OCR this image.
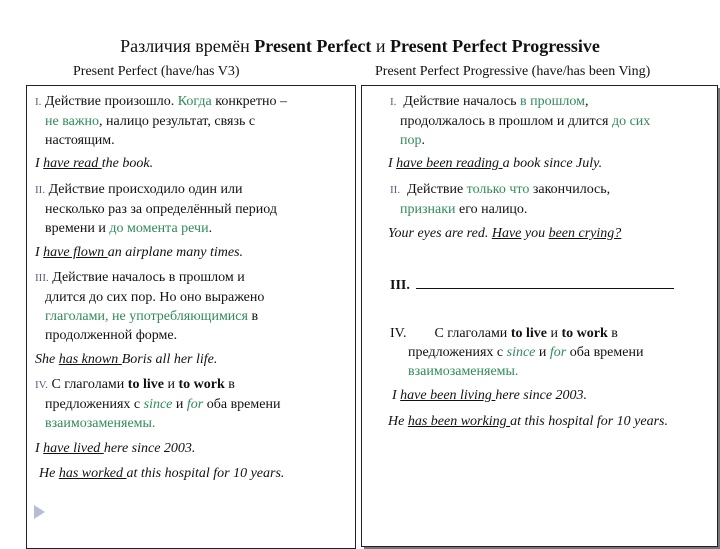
Различия времён Present Perfect и Present Perfect Progressive
Present Perfect (have/has V3)	Present Perfect Progressive (have/has been Ving)
I. Действие произошло. Когда конкретно –
не важно, налицо результат, связь с
настоящим.
I have read the book.
II. Действие происходило один или
несколько раз за определённый период
времени и до момента речи.
I have flown an airplane many times.
III. Действие началось в прошлом и
длится до сих пор. Но оно выражено
глаголами, не употребляющимися в
продолженной форме.
She has known Boris all her life.
IV. С глаголами to live и to work в
предложениях с since и for оба времени
взаимозаменяемы.
I have lived here since 2003.
He has worked at this hospital for 10 years.
I. Действие началось в прошлом,
продолжалось в прошлом и длится до сих
пор.
I have been reading a book since July.
II. Действие только что закончилось,
признаки его налицо.
Your eyes are red. Have you been crying?
III.
IV. С глаголами to live и to work в
предложениях с since и for оба времени
взаимозаменяемы.
I have been living here since 2003.
He has been working at this hospital for 10 years.
